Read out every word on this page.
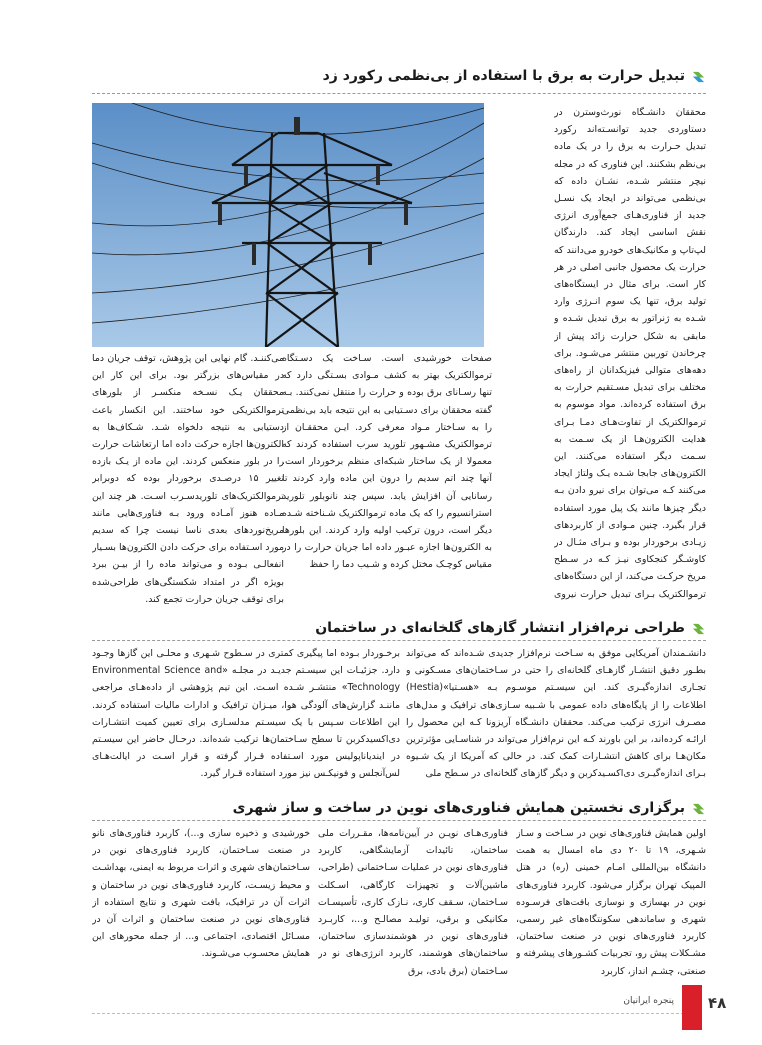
تبدیل حرارت به برق با استفاده از بی‌نظمی رکورد زد

محققان دانشـگاه نورث‌وسترن در دستاوردی جدید توانسـته‌اند رکورد تبدیل حـرارت به برق را در یک ماده بی‌نظم بشکنند. این فناوری که در مجله نیچر منتشر شـده، نشـان داده که بی‌نظمی می‌تواند در ایجاد یک نسـل جدید از فناوری‌هـای جمع‌آوری انرژی نقش اساسی ایجاد کند. دارندگان لپ‌تاپ و مکانیک‌های خودرو می‌دانند که حرارت یک محصول جانبی اصلی در هر کار است. برای مثال در ایستگاه‌های تولید برق، تنها یک سوم انـرژی وارد شـده به ژنراتور به برق تبدیل شـده و مابقی به شکل حرارت زائد پیش از چرخاندن توربین منتشر می‌شـود. برای دهه‌های متوالی فیزیکدانان از راه‌های مختلف برای تبدیل مسـتقیم حرارت به برق استفاده کرده‌اند. مواد موسوم به ترموالکتریک از تفاوت‌هـای دمـا بـرای هدایت الکترون‌هـا از یک سـمت به سـمت دیگر استفاده می‌کنند. این الکترون‌های جابجا شـده یـک ولتاژ ایجاد می‌کنند کـه می‌توان برای نیرو دادن بـه دیگر چیزها مانند یک پیل مورد استفاده قرار بگیرد. چنین مـوادی از کاربردهای زیـادی برخوردار بوده و بـرای مثـال در کاوشـگر کنجکاوی نیـز کـه در سـطح مریخ حرکـت می‌کند، از این دستگاه‌های ترموالکتریک بـرای تبدیل حرارت نیروی

صفحات خورشیدی است. سـاخت یک دسـتگاه ترموالکتریک بهتر به کشف مـوادی بسـتگی دارد که تنها رسـانای برق بوده و حرارت را منتقل نمی‌کنند. بـه گفته محققان برای دسـتیابی به این نتیجه باید بی‌نظمی را به سـاختار مـواد معرفی کرد. ایـن محققـان از ترموالکتریک مشـهور تلورید سرب استفاده کردند که معمولا از یک ساختار شبکه‌ای منظم برخوردار است. آنها چند اتم سدیم را درون این ماده وارد کردند تا رسانایی آن افزایش یابد. سپس چند نانوبلور تلورید استرانسیوم را که یک ماده ترموالکتریک شـناخته شـده دیگر است، درون ترکیب اولیه وارد کردند. این بلورها به الکترون‌ها اجازه عبـور داده اما جریان حرارت را در مقیاس کوچـک مختل کرده و شـیب دما را حفظ

می‌کننـد. گام نهایی این پژوهش، توقف جریان دما در مقیاس‌های بزرگتر بود. برای این کار این محققان یـک نسـخه منکسـر از بلورهای ترموالکتریکی خود ساختند. این انکسار باعث دستیابی به نتیجه دلخواه شـد. شـکاف‌ها به الکترون‌ها اجازه حرکت داده اما ارتعاشات حرارت را در بلور منعکس کردند. این ماده از یـک بازده تغییر ۱۵ درصـدی برخوردار بوده که دوبرابر ترموالکتریک‌های تلوریدسـرب اسـت. هر چند این مـاده هنوز آمـاده ورود بـه فناوری‌هایی مانند مریخ‌نوردهای بعدی ناسا نیست چرا که سدیم مورد اسـتفاده برای حرکت دادن الکترون‌ها بسـیار انفعالـی بـوده و می‌تواند ماده را از بیـن ببرد بویژه اگر در امتداد شکستگی‌های طراحی‌شده برای توقف جریان حرارت تجمع کند.

طراحی نرم‌افزار انتشار گازهای گلخانه‌ای در ساختمان

دانشـمندان آمریکایی موفق به سـاخت نرم‌افزار جدیدی شـده‌اند که می‌تواند بطـور دقیق انتشـار گازهـای گلخانه‌ای را حتی در سـاختمان‌های مسـکونی و تجـاری اندازه‌گیـری کند. این سیسـتم موسـوم بـه «هسـتیا»(Hestia) اطلاعات را از پایگاه‌های داده عمومی با شـبیه سـازی‌های ترافیک و مدل‌های مصـرف انرژی ترکیب می‌کند. محققان دانشـگاه آریزونا کـه این محصول را ارائـه کرده‌اند، بر این باورند کـه این نرم‌افزار می‌تواند در شناسـایی مؤثرترین مکان‌هـا برای کاهش انتشـارات کمک کند. در حالی که آمریکا از یک شـیوه بـرای اندازه‌گیـری دی‌اکسـیدکربن و دیگر گازهای گلخانه‌ای در سـطح ملی

برخـوردار بـوده اما پیگیری کمتری در سـطوح شـهری و محلـی این گازها وجـود دارد. جزئیـات این سیسـتم جدیـد در مجلـه «Environmental Science and Technology» منتشـر شـده اسـت. این تیم پژوهشی از داده‌هـای مراجعی ماننـد گزارش‌های آلودگی هوا، میـزان ترافیک و ادارات مالیات استفاده کردند. این اطلاعات سـپس با یک سیسـتم مدلسـازی برای تعیین کمیت انتشـارات دی‌اکسیدکربن تا سطح سـاختمان‌ها ترکیب شده‌اند. درحـال حاضر این سیسـتم در ایندیاناپولیس مورد اسـتفاده قـرار گرفته و قرار اسـت در ایالت‌هـای لس‌آنجلس و فونیکـس نیز مورد استفاده قـرار گیرد.

برگزاری نخستین همایش فناوری‌های نوین در ساخت و ساز شهری

اولین همایش فناوری‌های نوین در سـاخت و سـاز شـهری، ۱۹ تا ۲۰ دی ماه امسال به همت دانشگاه بین‌المللی امـام خمینی (ره) در هتل المپیک تهران برگزار می‌شود. کاربرد فناوری‌های نوین در بهسازی و نوسازی بافت‌های فرسـوده شهری و ساماندهی سکونتگاه‌های غیر رسمی، کاربرد فناوری‌های نوین در صنعت ساختمان، مشـکلات پیش رو، تجربیات کشـورهای پیشرفته و صنعتی، چشـم انداز، کاربرد

فناوری‌هـای نویـن در آیین‌نامه‌ها، مقـررات ملی ساختمان، تائیدات آزمایشگاهی، کاربرد فناوری‌های نوین در عملیات سـاختمانی (طراحی، ماشین‌آلات و تجهیزات کارگاهی، اسـکلت سـاختمان، سـقف کاری، نـازک کاری، تأسیسـات مکانیکی و برقی، تولیـد مصالـح و...، کاربـرد فناوری‌های نوین در هوشمندسازی ساختمان، ساختمان‌های هوشمند، کاربرد انرژی‌های نو در سـاختمان (برق بادی، برق

خورشیدی و ذخیره سازی و...)، کاربرد فناوری‌های نانو در صنعت سـاختمان، کاربرد فناوری‌های نوین در سـاختمان‌های شهری و اثرات مربوط به ایمنی، بهداشـت و محیط زیسـت، کاربرد فناوری‌های نوین در ساختمان و اثرات آن در ترافیک، بافت شهری و نتایج استفاده از فناوری‌های نوین در صنعت ساختمان و اثرات آن در مسـائل اقتصادی، اجتماعی و... از جمله محورهای این همایش محسـوب می‌شـوند.

۴۸
پنجره ایرانیان
